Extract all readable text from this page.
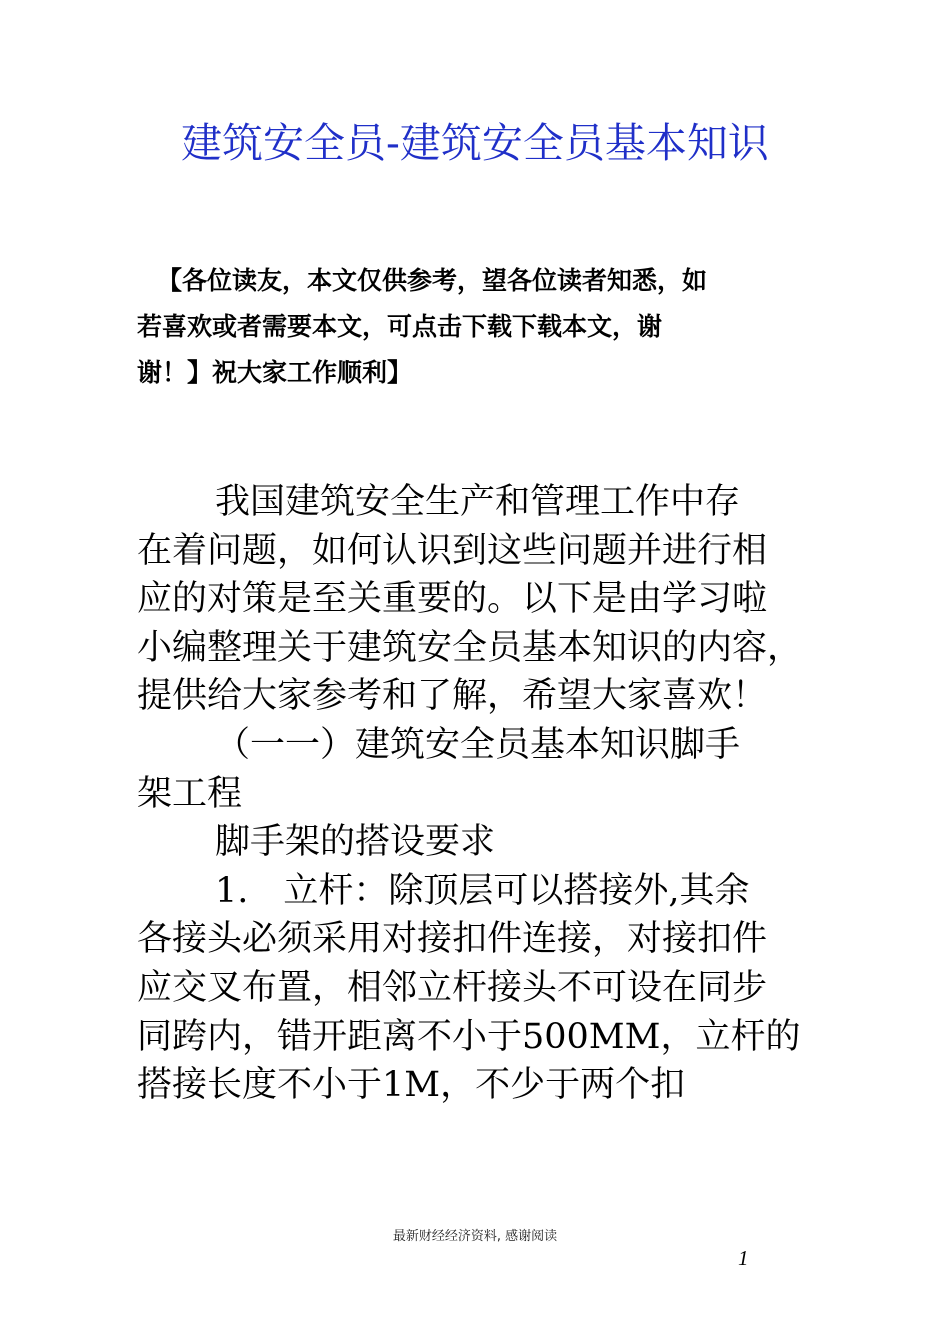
建筑安全员-建筑安全员基本知识
【各位读友，本文仅供参考，望各位读者知悉，如
若喜欢或者需要本文，可点击下载下载本文，谢
谢！】祝大家工作顺利】
我国建筑安全生产和管理工作中存
在着问题，如何认识到这些问题并进行相
应的对策是至关重要的。以下是由学习啦
小编整理关于建筑安全员基本知识的内容，
提供给大家参考和了解，希望大家喜欢！
（一一）建筑安全员基本知识脚手
架工程
脚手架的搭设要求
1.　立杆：除顶层可以搭接外,其余
各接头必须采用对接扣件连接，对接扣件
应交叉布置，相邻立杆接头不可设在同步
同跨内，错开距离不小于500MM，立杆的
搭接长度不小于1M，不少于两个扣
最新财经经济资料, 感谢阅读
1
